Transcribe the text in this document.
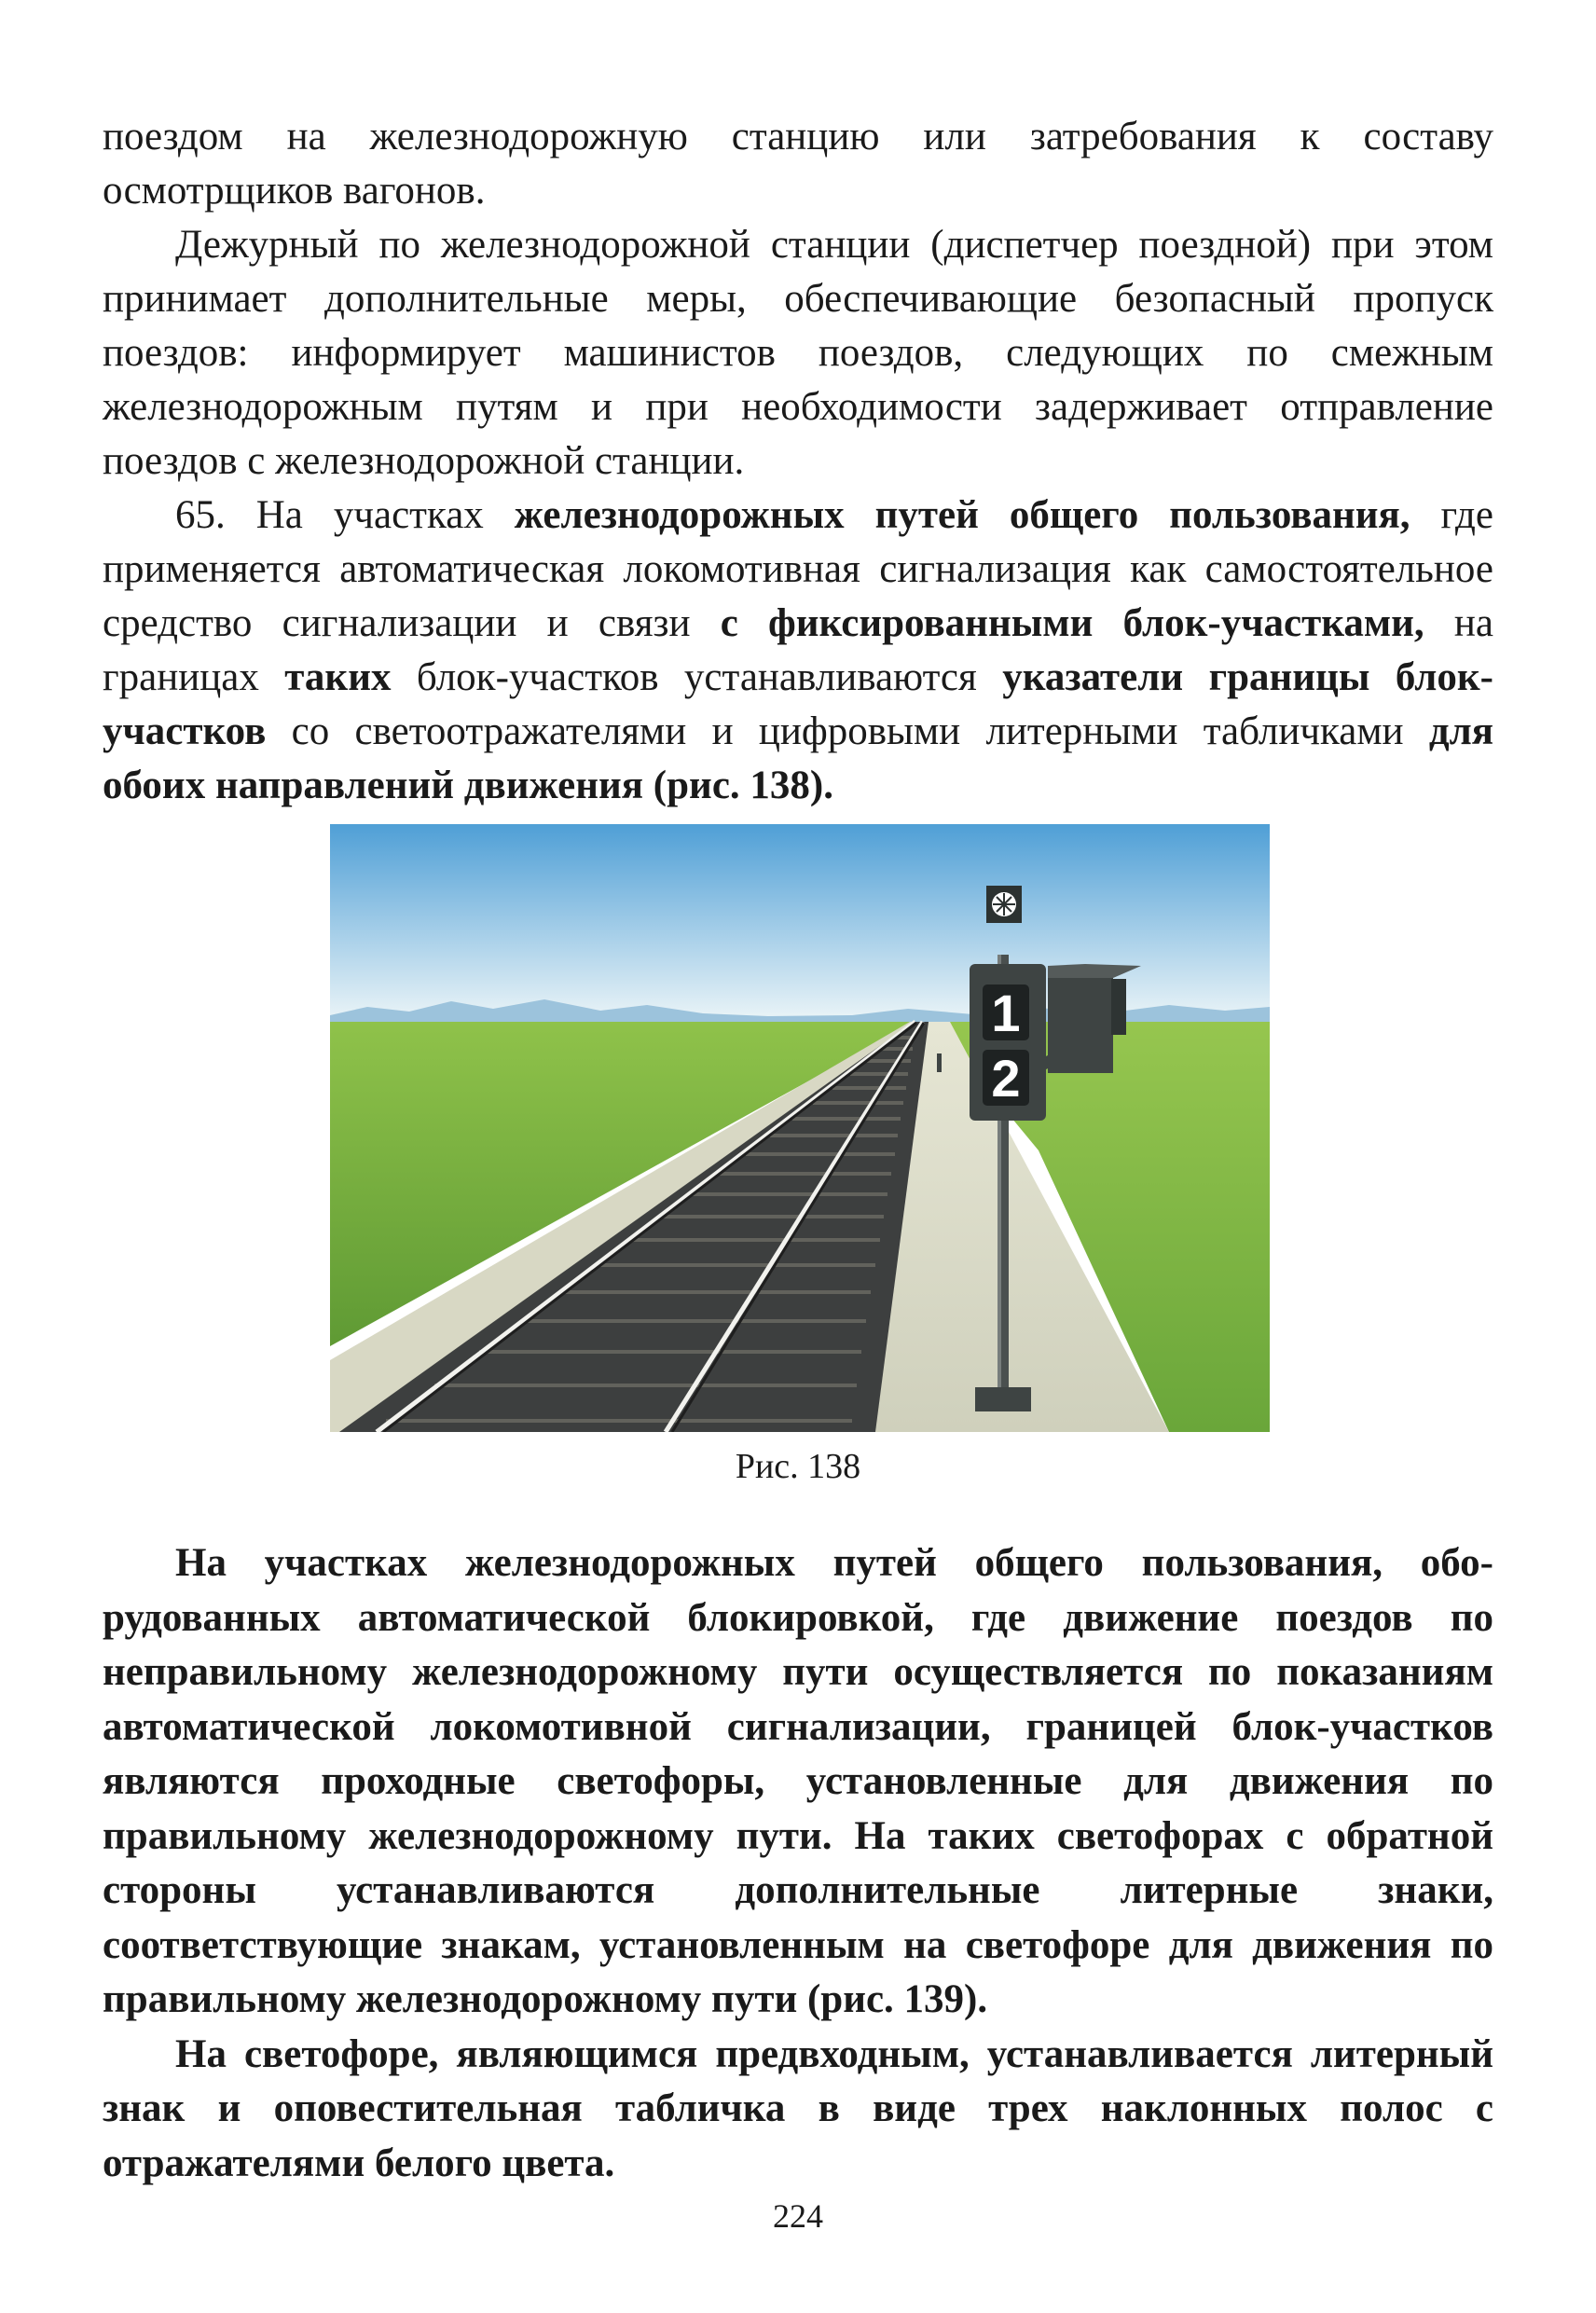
поездом на железнодорожную станцию или затребования к составу осмотрщиков вагонов.

Дежурный по железнодорожной станции (диспетчер поездной) при этом принимает дополнительные меры, обеспечивающие безопасный пропуск поездов: информирует машинистов поездов, следующих по смежным железнодорожным путям и при необходимости задерживает отправление поездов с железнодорожной станции.

65. На участках железнодорожных путей общего пользования, где применяется автоматическая локомотивная сигнализация как самостоятельное средство сигнализации и связи с фиксированными блок-участками, на границах таких блок-участков устанавливаются указатели границы блок-участков со светоотражателями и цифровыми литерными табличками для обоих направлений движения (рис. 138).

1
2
Рис. 138

На участках железнодорожных путей общего пользования, оборудованных автоматической блокировкой, где движение поездов по неправильному железнодорожному пути осуществляется по показаниям автоматической локомотивной сигнализации, границей блок-участков являются проходные светофоры, установленные для движения по правильному железнодорожному пути. На таких светофорах с обратной стороны устанавливаются дополнительные литерные знаки, соответствующие знакам, установленным на светофоре для движения по правильному железнодорожному пути (рис. 139).

На светофоре, являющимся предвходным, устанавливается литерный знак и оповестительная табличка в виде трех наклонных полос с отражателями белого цвета.

224
